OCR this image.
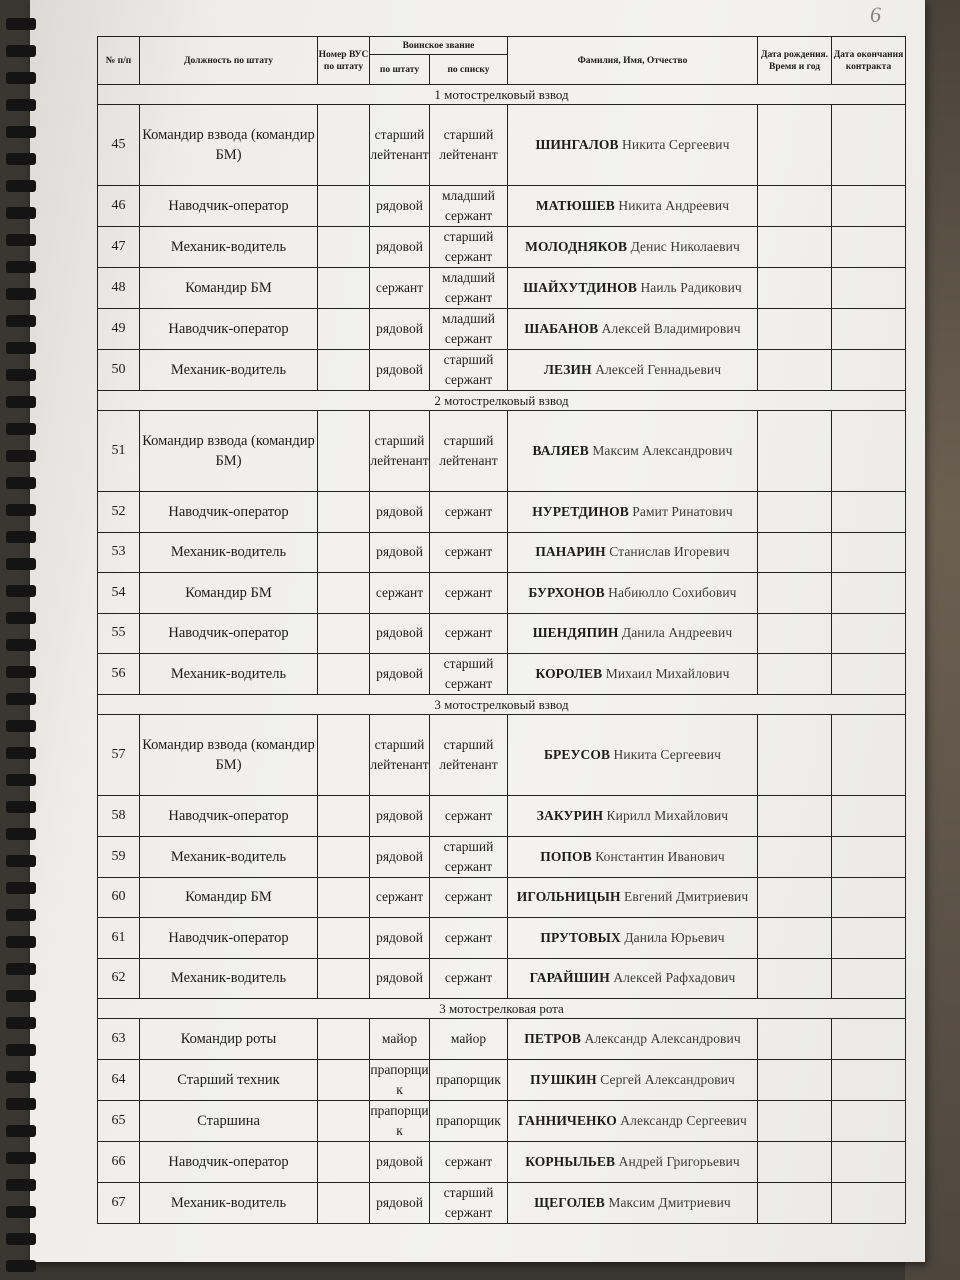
6
№ п/п	Должность по штату	Номер ВУС по штату	Воинское звание		Фамилия, Имя, Отчество	Дата рождения. Время и год	Дата окончания контракта
			по штату	по списку			
1 мотострелковый взвод							
45	Командир взвода (командир БМ)		старший лейтенант	старший лейтенант	ШИНГАЛОВ Никита Сергеевич		
46	Наводчик-оператор		рядовой	младший сержант	МАТЮШЕВ Никита Андреевич		
47	Механик-водитель		рядовой	старший сержант	МОЛОДНЯКОВ Денис Николаевич		
48	Командир БМ		сержант	младший сержант	ШАЙХУТДИНОВ Наиль Радикович		
49	Наводчик-оператор		рядовой	младший сержант	ШАБАНОВ Алексей Владимирович		
50	Механик-водитель		рядовой	старший сержант	ЛЕЗИН Алексей Геннадьевич		
2 мотострелковый взвод							
51	Командир взвода (командир БМ)		старший лейтенант	старший лейтенант	ВАЛЯЕВ Максим Александрович		
52	Наводчик-оператор		рядовой	сержант	НУРЕТДИНОВ Рамит Ринатович		
53	Механик-водитель		рядовой	сержант	ПАНАРИН Станислав Игоревич		
54	Командир БМ		сержант	сержант	БУРХОНОВ Набиюлло Сохибович		
55	Наводчик-оператор		рядовой	сержант	ШЕНДЯПИН Данила Андреевич		
56	Механик-водитель		рядовой	старший сержант	КОРОЛЕВ Михаил Михайлович		
3 мотострелковый взвод							
57	Командир взвода (командир БМ)		старший лейтенант	старший лейтенант	БРЕУСОВ Никита Сергеевич		
58	Наводчик-оператор		рядовой	сержант	ЗАКУРИН Кирилл Михайлович		
59	Механик-водитель		рядовой	старший сержант	ПОПОВ Константин Иванович		
60	Командир БМ		сержант	сержант	ИГОЛЬНИЦЫН Евгений Дмитриевич		
61	Наводчик-оператор		рядовой	сержант	ПРУТОВЫХ Данила Юрьевич		
62	Механик-водитель		рядовой	сержант	ГАРАЙШИН Алексей Рафхадович		
3 мотострелковая рота							
63	Командир роты		майор	майор	ПЕТРОВ Александр Александрович		
64	Старший техник		прапорщик	прапорщик	ПУШКИН Сергей Александрович		
65	Старшина		прапорщик	прапорщик	ГАННИЧЕНКО Александр Сергеевич		
66	Наводчик-оператор		рядовой	сержант	КОРНЫЛЬЕВ Андрей Григорьевич		
67	Механик-водитель		рядовой	старший сержант	ЩЕГОЛЕВ Максим Дмитриевич		
